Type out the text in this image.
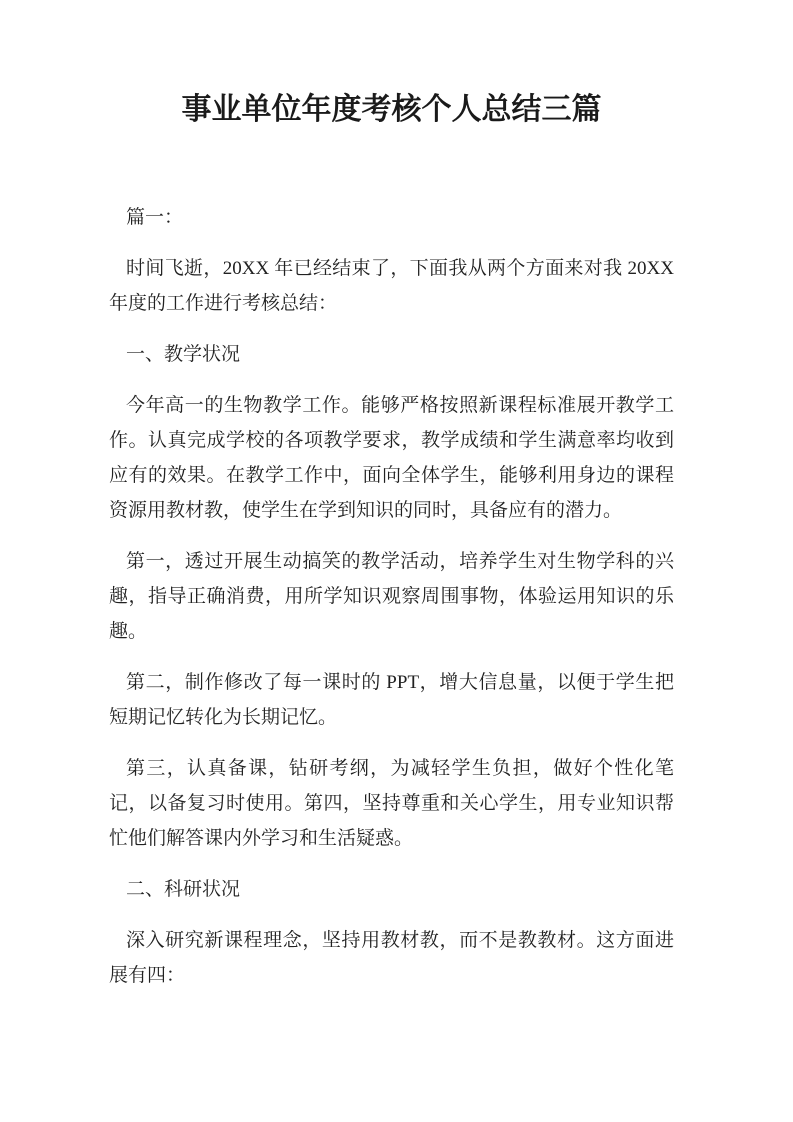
事业单位年度考核个人总结三篇

篇一：

时间飞逝，20XX 年已经结束了，下面我从两个方面来对我 20XX 年度的工作进行考核总结：

一、教学状况

今年高一的生物教学工作。能够严格按照新课程标准展开教学工作。认真完成学校的各项教学要求，教学成绩和学生满意率均收到应有的效果。在教学工作中，面向全体学生，能够利用身边的课程资源用教材教，使学生在学到知识的同时，具备应有的潜力。

第一，透过开展生动搞笑的教学活动，培养学生对生物学科的兴趣，指导正确消费，用所学知识观察周围事物，体验运用知识的乐趣。

第二，制作修改了每一课时的 PPT，增大信息量，以便于学生把短期记忆转化为长期记忆。

第三，认真备课，钻研考纲，为减轻学生负担，做好个性化笔记，以备复习时使用。第四，坚持尊重和关心学生，用专业知识帮忙他们解答课内外学习和生活疑惑。

二、科研状况

深入研究新课程理念，坚持用教材教，而不是教教材。这方面进展有四：
